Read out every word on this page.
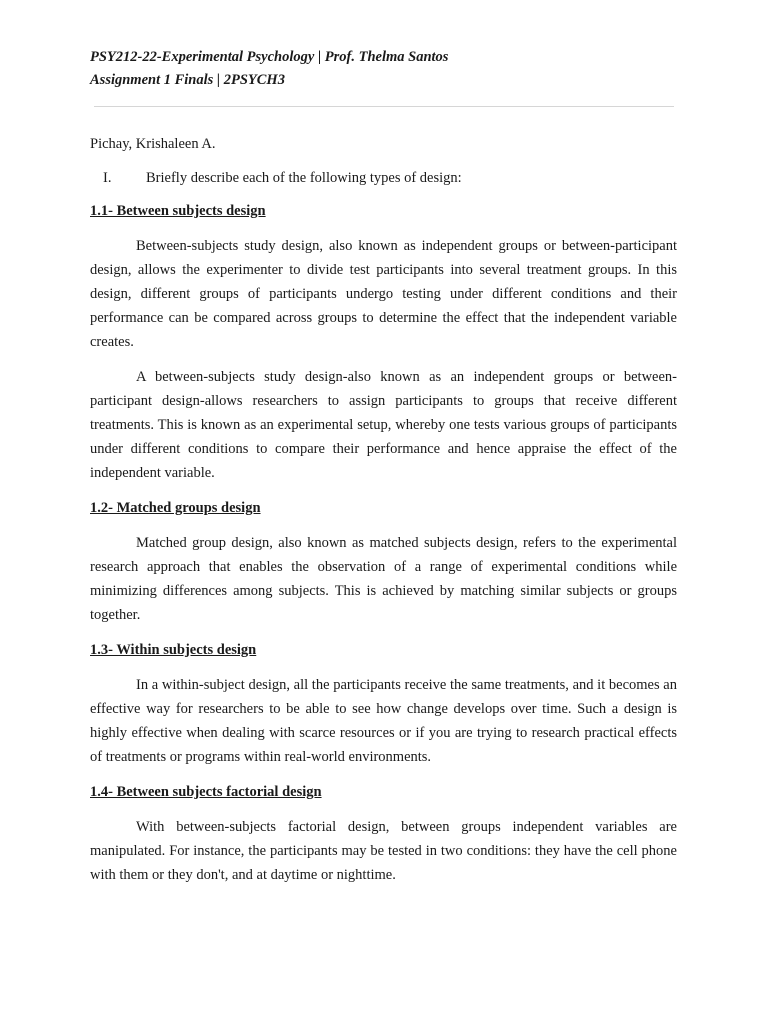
PSY212-22-Experimental Psychology | Prof. Thelma Santos
Assignment 1 Finals | 2PSYCH3

Pichay, Krishaleen A.

I.	Briefly describe each of the following types of design:

1.1- Between subjects design

Between-subjects study design, also known as independent groups or between-participant design, allows the experimenter to divide test participants into several treatment groups. In this design, different groups of participants undergo testing under different conditions and their performance can be compared across groups to determine the effect that the independent variable creates.

A between-subjects study design-also known as an independent groups or between-participant design-allows researchers to assign participants to groups that receive different treatments. This is known as an experimental setup, whereby one tests various groups of participants under different conditions to compare their performance and hence appraise the effect of the independent variable.

1.2- Matched groups design

Matched group design, also known as matched subjects design, refers to the experimental research approach that enables the observation of a range of experimental conditions while minimizing differences among subjects. This is achieved by matching similar subjects or groups together.

1.3- Within subjects design

In a within-subject design, all the participants receive the same treatments, and it becomes an effective way for researchers to be able to see how change develops over time. Such a design is highly effective when dealing with scarce resources or if you are trying to research practical effects of treatments or programs within real-world environments.

1.4- Between subjects factorial design

With between-subjects factorial design, between groups independent variables are manipulated. For instance, the participants may be tested in two conditions: they have the cell phone with them or they don't, and at daytime or nighttime.
